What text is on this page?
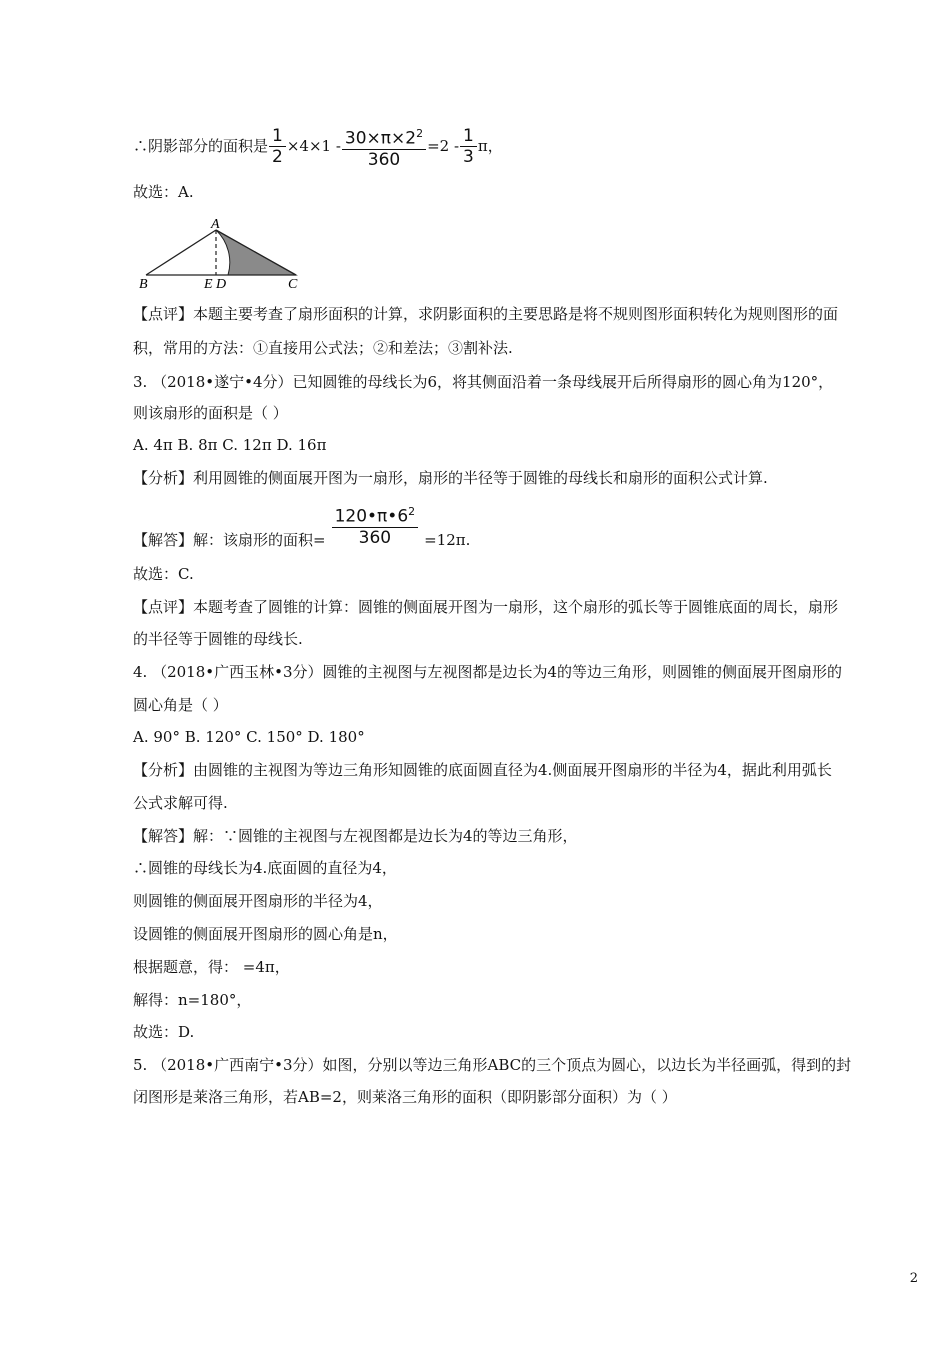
∴阴影部分的面积是 $\frac{1}{2} \times 4\times 1 - \frac{30\times\pi\times 2^2}{360} =2 - \frac{1}{3}$ π，
故选：A.
A
B	E D	C
【点评】本题主要考查了扇形面积的计算，求阴影面积的主要思路是将不规则图形面积转化为规则图形的面
积，常用的方法：①直接用公式法；②和差法；③割补法.
3. （2018•遂宁•4分）已知圆锥的母线长为6，将其侧面沿着一条母线展开后所得扇形的圆心角为120°，
则该扇形的面积是（ ）
A. 4π B. 8π C. 12π D. 16π
【分析】利用圆锥的侧面展开图为一扇形，扇形的半径等于圆锥的母线长和扇形的面积公式计算.
【解答】解：该扇形的面积= $\frac{120•\pi•6^2}{360} =12\pi$.
故选：C.
【点评】本题考查了圆锥的计算：圆锥的侧面展开图为一扇形，这个扇形的弧长等于圆锥底面的周长，扇形
的半径等于圆锥的母线长.
4. （2018•广西玉林•3分）圆锥的主视图与左视图都是边长为4的等边三角形，则圆锥的侧面展开图扇形的
圆心角是（ ）
A. 90° B. 120° C. 150° D. 180°
【分析】由圆锥的主视图为等边三角形知圆锥的底面圆直径为4.侧面展开图扇形的半径为4，据此利用弧长
公式求解可得.
【解答】解：∵圆锥的主视图与左视图都是边长为4的等边三角形，
∴圆锥的母线长为4.底面圆的直径为4，
则圆锥的侧面展开图扇形的半径为4，
设圆锥的侧面展开图扇形的圆心角是n，
根据题意，得： =4π，
解得：n=180°，
故选：D.
5. （2018•广西南宁•3分）如图，分别以等边三角形ABC的三个顶点为圆心，以边长为半径画弧，得到的封
闭图形是莱洛三角形，若AB=2，则莱洛三角形的面积（即阴影部分面积）为（ ）
2
